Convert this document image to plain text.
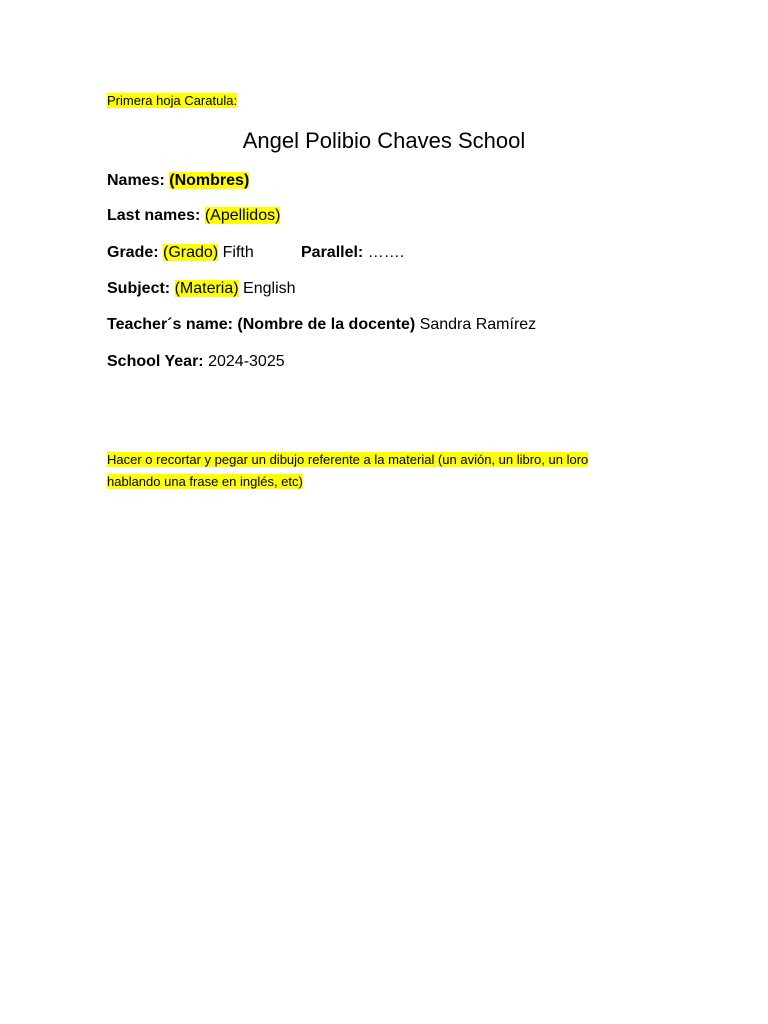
Primera hoja Caratula:
Angel Polibio Chaves School
Names: (Nombres)
Last names: (Apellidos)
Grade: (Grado) Fifth	Parallel: …….
Subject: (Materia) English
Teacher´s name: (Nombre de la docente) Sandra Ramírez
School Year: 2024-3025
Hacer o recortar y pegar un dibujo referente a la material (un avión, un libro, un loro
hablando una frase en inglés, etc)
